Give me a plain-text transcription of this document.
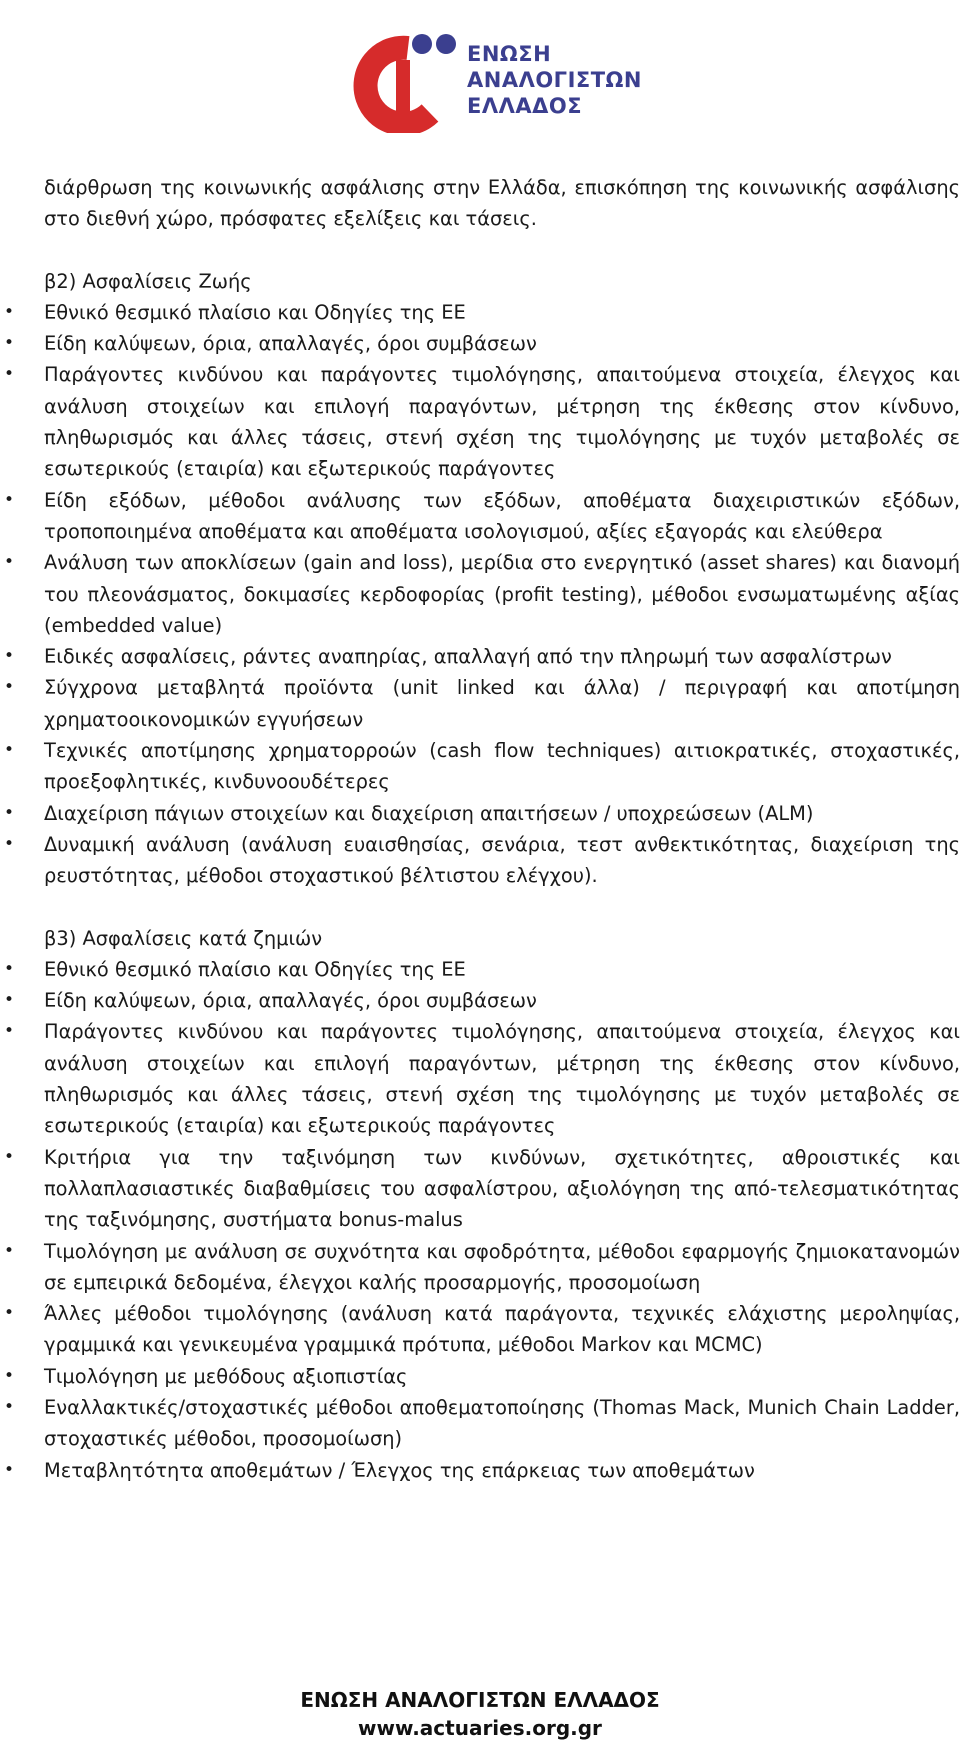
ΕΝΩΣΗ
ΑΝΑΛΟΓΙΣΤΩΝ
ΕΛΛΑΔΟΣ

διάρθρωση της κοινωνικής ασφάλισης στην Ελλάδα, επισκόπηση της κοινωνικής ασφάλισης στο διεθνή χώρο, πρόσφατες εξελίξεις και τάσεις.

β2) Ασφαλίσεις Ζωής

• Εθνικό θεσμικό πλαίσιο και Οδηγίες της ΕΕ
• Είδη καλύψεων, όρια, απαλλαγές, όροι συμβάσεων
• Παράγοντες κινδύνου και παράγοντες τιμολόγησης, απαιτούμενα στοιχεία, έλεγχος και ανάλυση στοιχείων και επιλογή παραγόντων, μέτρηση της έκθεσης στον κίνδυνο, πληθωρισμός και άλλες τάσεις, στενή σχέση της τιμολόγησης με τυχόν μεταβολές σε εσωτερικούς (εταιρία) και εξωτερικούς παράγοντες
• Είδη εξόδων, μέθοδοι ανάλυσης των εξόδων, αποθέματα διαχειριστικών εξόδων, τροποποιημένα αποθέματα και αποθέματα ισολογισμού, αξίες εξαγοράς και ελεύθερα
• Ανάλυση των αποκλίσεων (gain and loss), μερίδια στο ενεργητικό (asset shares) και διανομή του πλεονάσματος, δοκιμασίες κερδοφορίας (profit testing), μέθοδοι ενσωματωμένης αξίας (embedded value)
• Ειδικές ασφαλίσεις, ράντες αναπηρίας, απαλλαγή από την πληρωμή των ασφαλίστρων
• Σύγχρονα μεταβλητά προϊόντα (unit linked και άλλα) / περιγραφή και αποτίμηση χρηματοοικονομικών εγγυήσεων
• Τεχνικές αποτίμησης χρηματορροών (cash flow techniques) αιτιοκρατικές, στοχαστικές, προεξοφλητικές, κινδυνοουδέτερες
• Διαχείριση πάγιων στοιχείων και διαχείριση απαιτήσεων / υποχρεώσεων (ALM)
• Δυναμική ανάλυση (ανάλυση ευαισθησίας, σενάρια, τεστ ανθεκτικότητας, διαχείριση της ρευστότητας, μέθοδοι στοχαστικού βέλτιστου ελέγχου).

β3) Ασφαλίσεις κατά ζημιών

• Εθνικό θεσμικό πλαίσιο και Οδηγίες της ΕΕ
• Είδη καλύψεων, όρια, απαλλαγές, όροι συμβάσεων
• Παράγοντες κινδύνου και παράγοντες τιμολόγησης, απαιτούμενα στοιχεία, έλεγχος και ανάλυση στοιχείων και επιλογή παραγόντων, μέτρηση της έκθεσης στον κίνδυνο, πληθωρισμός και άλλες τάσεις, στενή σχέση της τιμολόγησης με τυχόν μεταβολές σε εσωτερικούς (εταιρία) και εξωτερικούς παράγοντες
• Κριτήρια για την ταξινόμηση των κινδύνων, σχετικότητες, αθροιστικές και πολλαπλασιαστικές διαβαθμίσεις του ασφαλίστρου, αξιολόγηση της από-τελεσματικότητας της ταξινόμησης, συστήματα bonus-malus
• Τιμολόγηση με ανάλυση σε συχνότητα και σφοδρότητα, μέθοδοι εφαρμογής ζημιοκατανομών σε εμπειρικά δεδομένα, έλεγχοι καλής προσαρμογής, προσομοίωση
• Άλλες μέθοδοι τιμολόγησης (ανάλυση κατά παράγοντα, τεχνικές ελάχιστης μεροληψίας, γραμμικά και γενικευμένα γραμμικά πρότυπα, μέθοδοι Markov και MCMC)
• Τιμολόγηση με μεθόδους αξιοπιστίας
• Εναλλακτικές/στοχαστικές μέθοδοι αποθεματοποίησης (Thomas Mack, Munich Chain Ladder, στοχαστικές μέθοδοι, προσομοίωση)
• Μεταβλητότητα αποθεμάτων / Έλεγχος της επάρκειας των αποθεμάτων
ΕΝΩΣΗ ΑΝΑΛΟΓΙΣΤΩΝ ΕΛΛΑΔΟΣ
www.actuaries.org.gr
